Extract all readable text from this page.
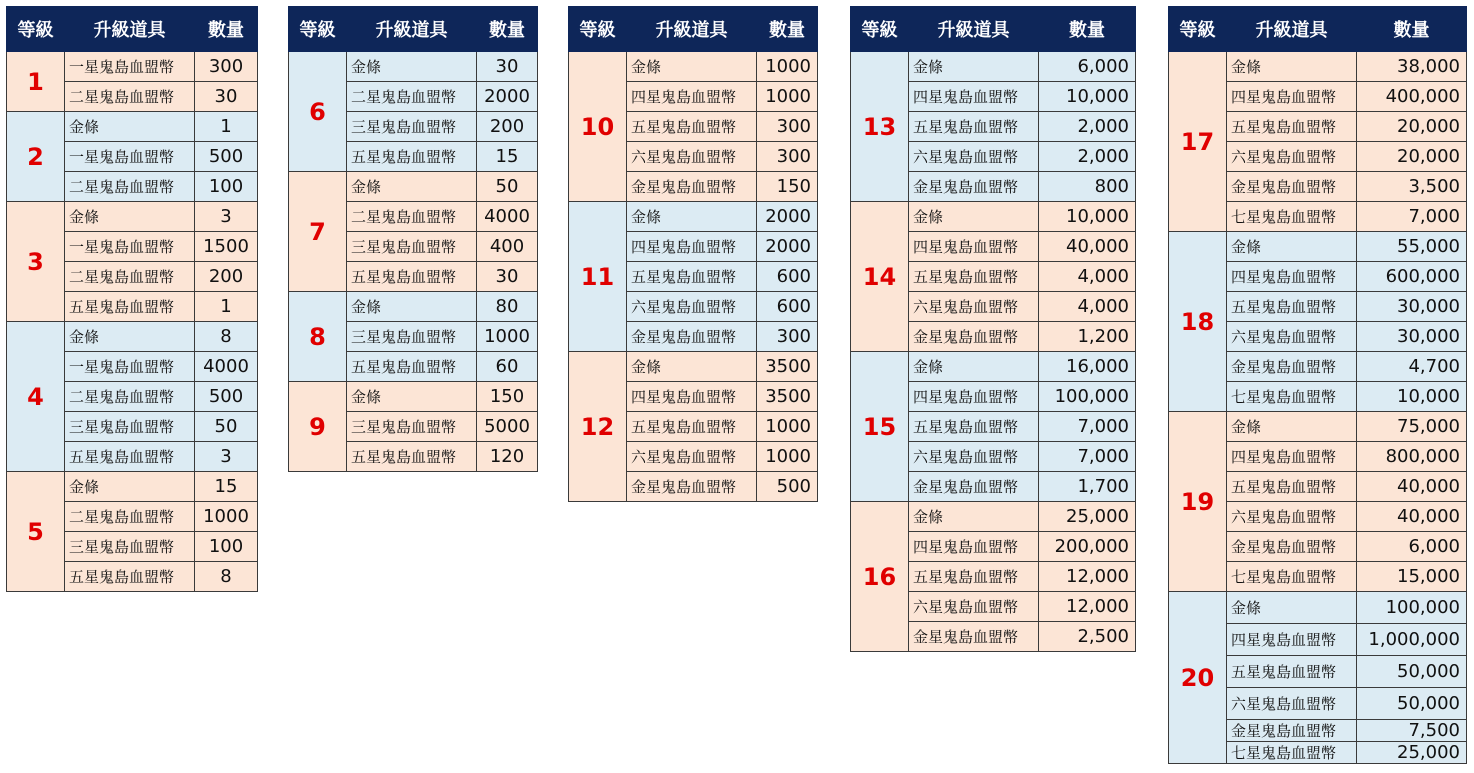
等級	升級道具	數量
1	一星鬼島血盟幣	300
	二星鬼島血盟幣	30
2	金條	1
	一星鬼島血盟幣	500
	二星鬼島血盟幣	100
3	金條	3
	一星鬼島血盟幣	1500
	二星鬼島血盟幣	200
	五星鬼島血盟幣	1
4	金條	8
	一星鬼島血盟幣	4000
	二星鬼島血盟幣	500
	三星鬼島血盟幣	50
	五星鬼島血盟幣	3
5	金條	15
	二星鬼島血盟幣	1000
	三星鬼島血盟幣	100
	五星鬼島血盟幣	8
等級	升級道具	數量
6	金條	30
	二星鬼島血盟幣	2000
	三星鬼島血盟幣	200
	五星鬼島血盟幣	15
7	金條	50
	二星鬼島血盟幣	4000
	三星鬼島血盟幣	400
	五星鬼島血盟幣	30
8	金條	80
	三星鬼島血盟幣	1000
	五星鬼島血盟幣	60
9	金條	150
	三星鬼島血盟幣	5000
	五星鬼島血盟幣	120
等級	升級道具	數量
10	金條	1000
	四星鬼島血盟幣	1000
	五星鬼島血盟幣	300
	六星鬼島血盟幣	300
	金星鬼島血盟幣	150
11	金條	2000
	四星鬼島血盟幣	2000
	五星鬼島血盟幣	600
	六星鬼島血盟幣	600
	金星鬼島血盟幣	300
12	金條	3500
	四星鬼島血盟幣	3500
	五星鬼島血盟幣	1000
	六星鬼島血盟幣	1000
	金星鬼島血盟幣	500
等級	升級道具	數量
13	金條	6,000
	四星鬼島血盟幣	10,000
	五星鬼島血盟幣	2,000
	六星鬼島血盟幣	2,000
	金星鬼島血盟幣	800
14	金條	10,000
	四星鬼島血盟幣	40,000
	五星鬼島血盟幣	4,000
	六星鬼島血盟幣	4,000
	金星鬼島血盟幣	1,200
15	金條	16,000
	四星鬼島血盟幣	100,000
	五星鬼島血盟幣	7,000
	六星鬼島血盟幣	7,000
	金星鬼島血盟幣	1,700
16	金條	25,000
	四星鬼島血盟幣	200,000
	五星鬼島血盟幣	12,000
	六星鬼島血盟幣	12,000
	金星鬼島血盟幣	2,500
等級	升級道具	數量
17	金條	38,000
	四星鬼島血盟幣	400,000
	五星鬼島血盟幣	20,000
	六星鬼島血盟幣	20,000
	金星鬼島血盟幣	3,500
	七星鬼島血盟幣	7,000
18	金條	55,000
	四星鬼島血盟幣	600,000
	五星鬼島血盟幣	30,000
	六星鬼島血盟幣	30,000
	金星鬼島血盟幣	4,700
	七星鬼島血盟幣	10,000
19	金條	75,000
	四星鬼島血盟幣	800,000
	五星鬼島血盟幣	40,000
	六星鬼島血盟幣	40,000
	金星鬼島血盟幣	6,000
	七星鬼島血盟幣	15,000
20	金條	100,000
	四星鬼島血盟幣	1,000,000
	五星鬼島血盟幣	50,000
	六星鬼島血盟幣	50,000
	金星鬼島血盟幣	7,500
	七星鬼島血盟幣	25,000
